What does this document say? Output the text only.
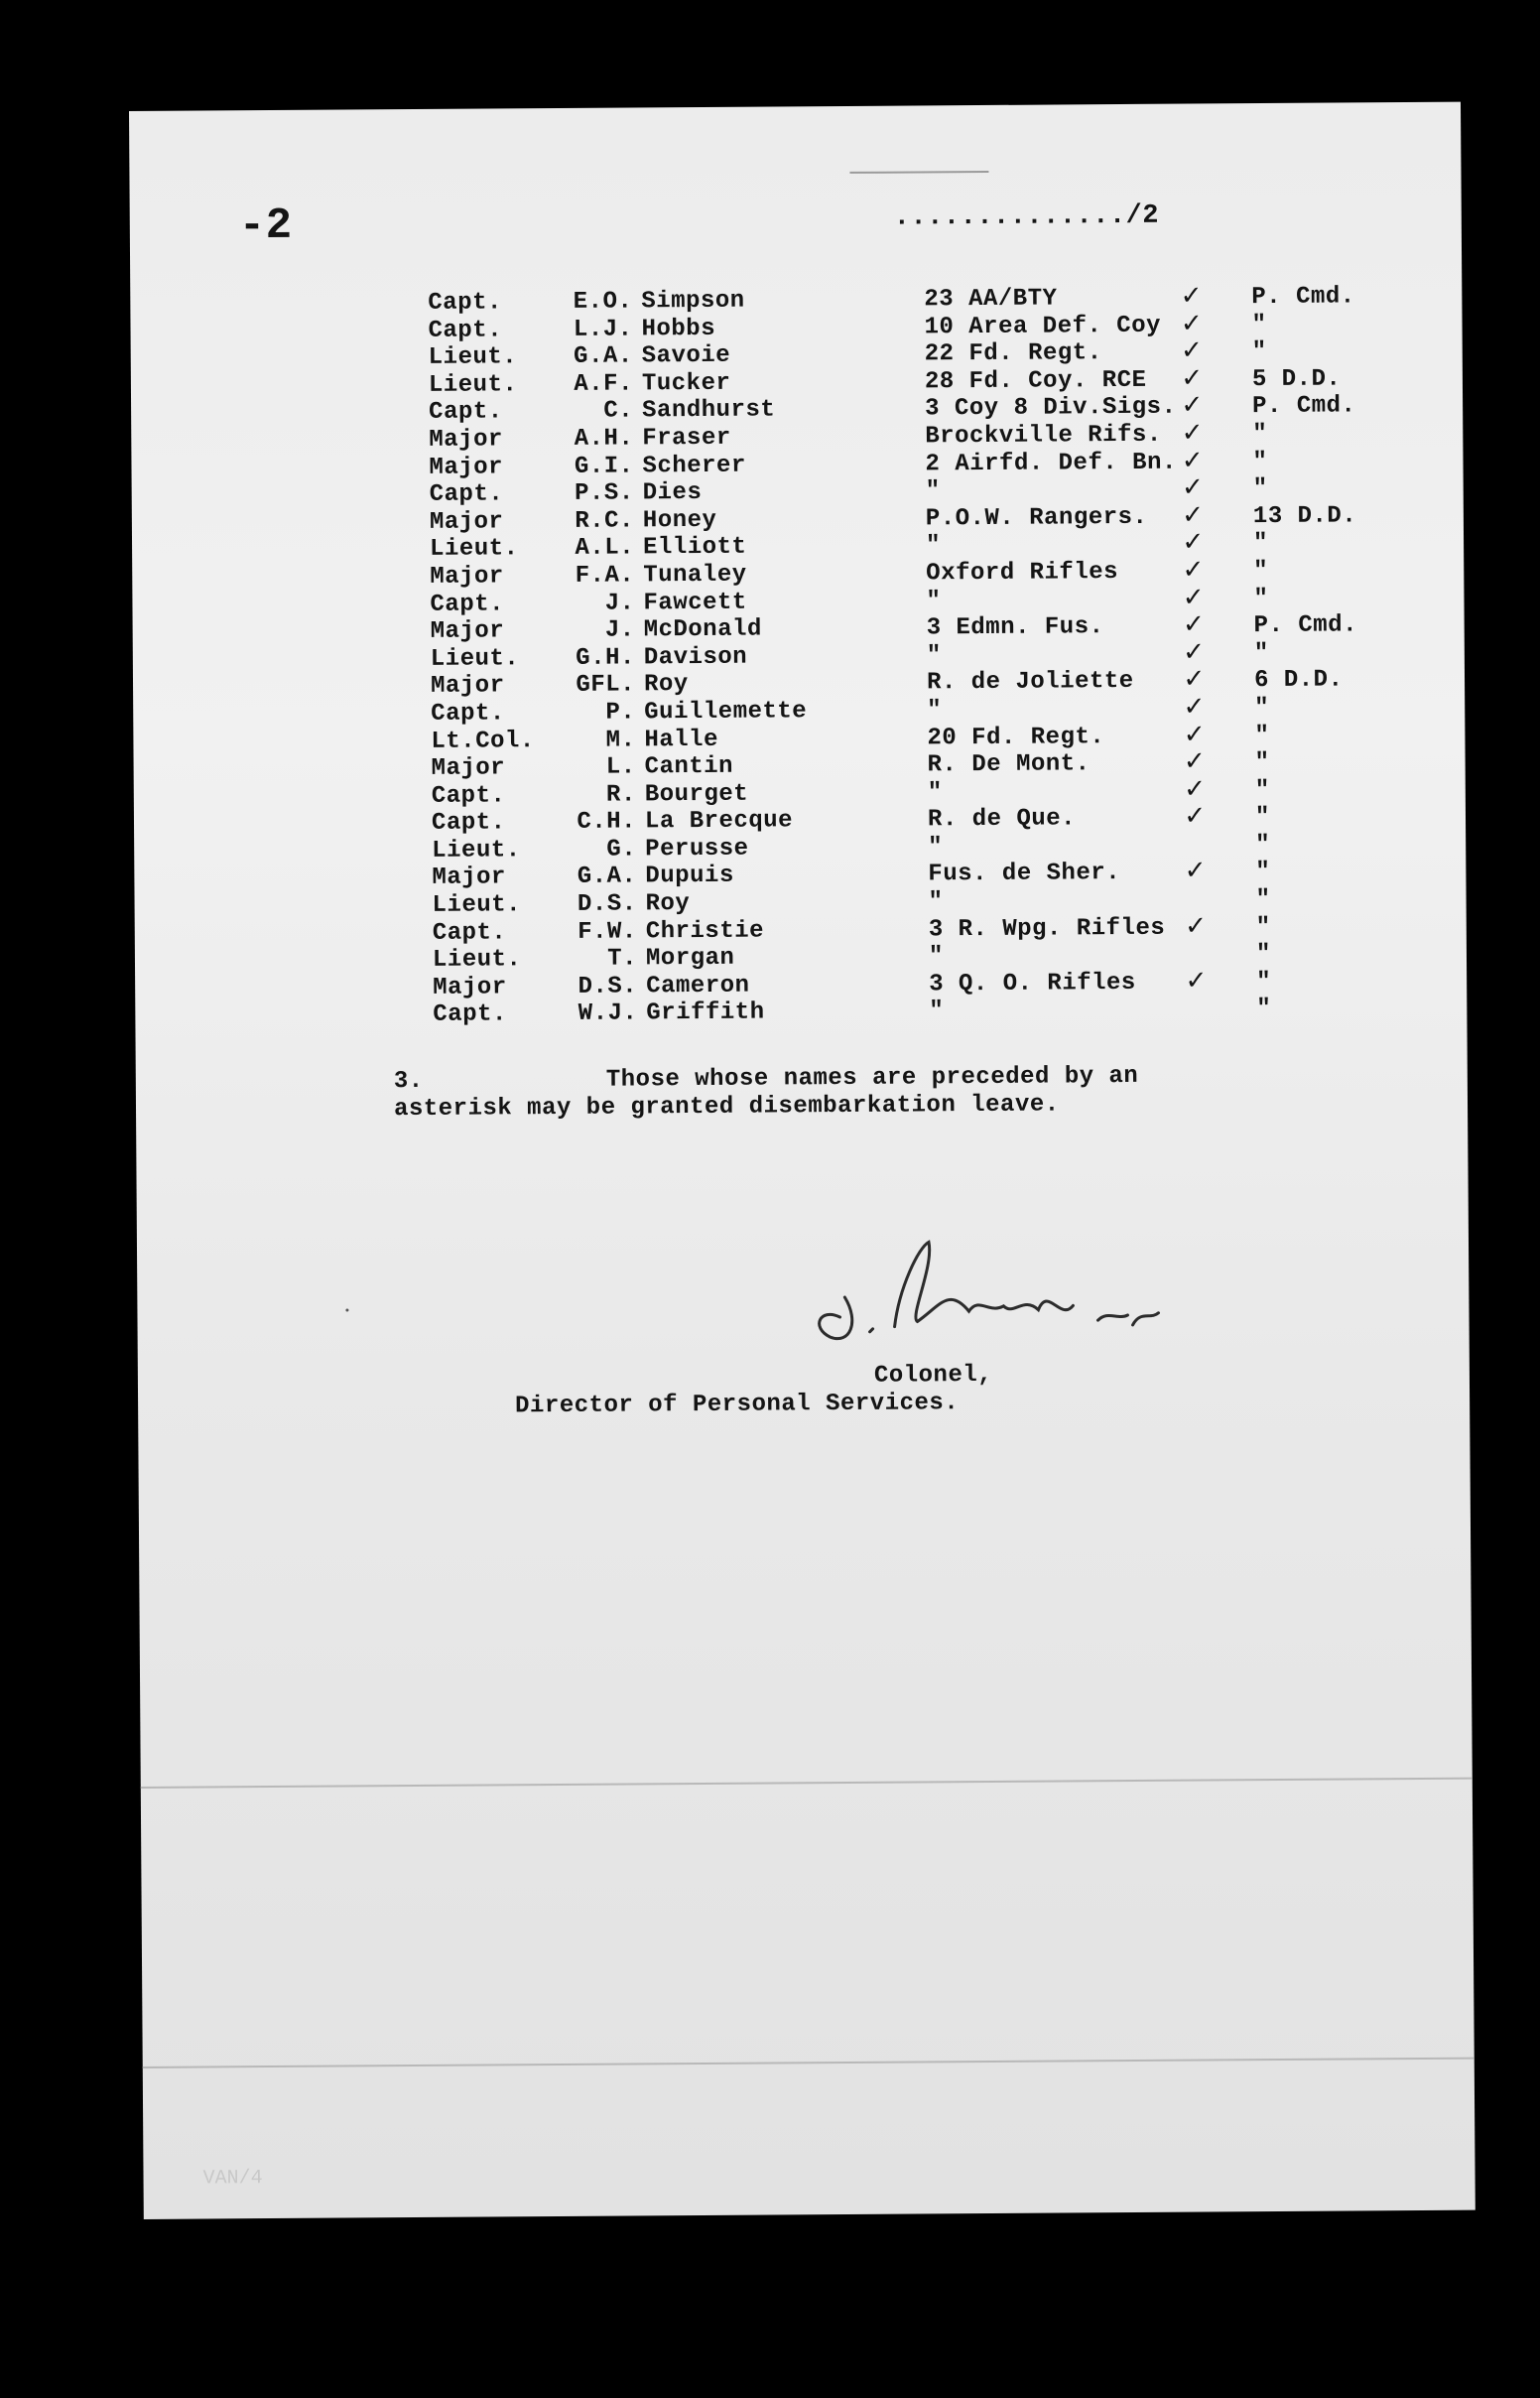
-2	............../2
Capt.	E.O. Simpson	23 AA/BTY	✓ P. Cmd.
Capt.	L.J. Hobbs	10 Area Def. Coy ✓ "
Lieut.	G.A. Savoie	22 Fd. Regt.	✓ "
Lieut.	A.F. Tucker	28 Fd. Coy. RCE ✓ 5 D.D.
Capt.	C. Sandhurst	3 Coy 8 Div.Sigs. ✓ P. Cmd.
Major	A.H. Fraser	Brockville Rifs. ✓ "
Major	G.I. Scherer	2 Airfd. Def. Bn. ✓ "
Capt.	P.S. Dies	"	✓ "
Major	R.C. Honey	P.O.W. Rangers. ✓ 13 D.D.
Lieut.	A.L. Elliott	"	✓ "
Major	F.A. Tunaley	Oxford Rifles ✓ "
Capt.	J. Fawcett	"	✓ "
Major	J. McDonald	3 Edmn. Fus.	✓ P. Cmd.
Lieut.	G.H. Davison	"	✓ "
Major	GFL. Roy	R. de Joliette ✓ 6 D.D.
Capt.	P. Guillemette	"	✓ "
Lt.Col.	M. Halle	20 Fd. Regt.	✓ "
Major	L. Cantin	R. De Mont.	✓ "
Capt.	R. Bourget	"	✓ "
Capt.	C.H. La Brecque	R. de Que.	✓ "
Lieut.	G. Perusse	"	"
Major	G.A. Dupuis	Fus. de Sher. ✓ "
Lieut.	D.S. Roy	"	"
Capt.	F.W. Christie	3 R. Wpg. Rifles ✓ "
Lieut.	T. Morgan	"	"
Major	D.S. Cameron	3 Q. O. Rifles ✓ "
Capt.	W.J. Griffith	"	"
3.	Those whose names are preceded by an
asterisk may be granted disembarkation leave.
Colonel,
Director of Personal Services.
VAN/4
